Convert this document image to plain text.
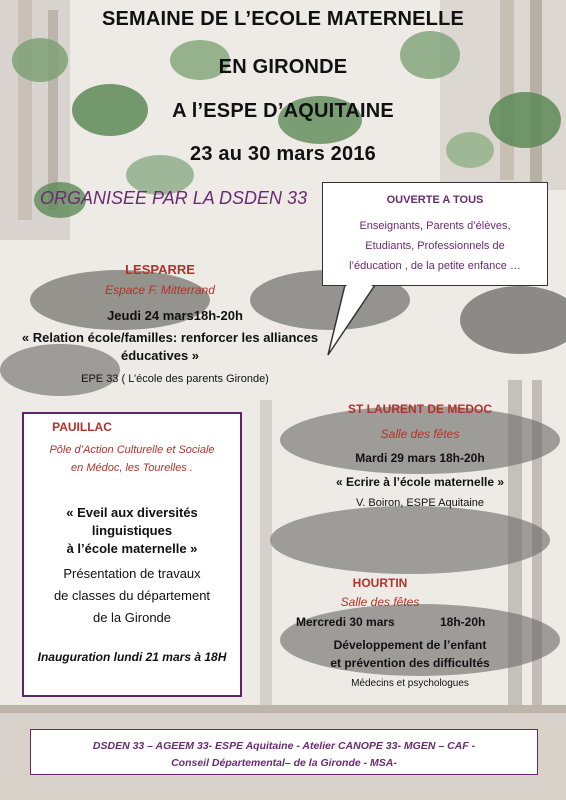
SEMAINE DE L’ECOLE MATERNELLE
EN GIRONDE
A l’ESPE D’AQUITAINE
23 au 30 mars 2016
ORGANISEE PAR LA DSDEN 33	OUVERTE A TOUS
Enseignants, Parents d’élèves,
Etudiants, Professionnels de
l’éducation , de la petite enfance …
LESPARRE
Espace F. Mitterrand
Jeudi 24 mars18h-20h
« Relation école/familles: renforcer les alliances
éducatives »
EPE 33 ( L’école des parents Gironde)
PAUILLAC
Pôle d’Action Culturelle et Sociale
en Médoc, les Tourelles .
« Eveil aux diversités
linguistiques
à l’école maternelle »
Présentation de travaux
de classes du département
de la Gironde
Inauguration lundi 21 mars à 18H
ST LAURENT DE MEDOC
Salle des fêtes
Mardi 29 mars 18h-20h
« Ecrire à l’école maternelle »
V. Boiron, ESPE Aquitaine
HOURTIN
Salle des fêtes
Mercredi 30 mars	18h-20h
Développement de l’enfant
et prévention des difficultés
Médecins et psychologues
DSDEN 33 – AGEEM 33- ESPE Aquitaine - Atelier CANOPE 33- MGEN – CAF -
Conseil Départemental– de la Gironde - MSA-
